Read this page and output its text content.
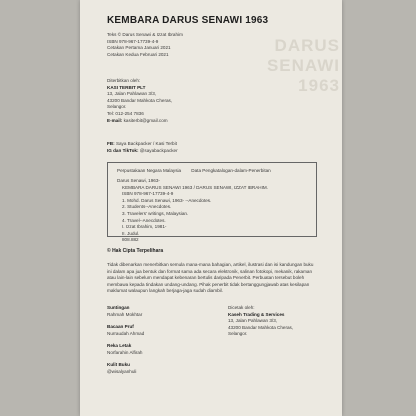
DARUS SENAWI 1963
KEMBARA DARUS SENAWI 1963
Teks © Darus Senawi & Izzat Ibrahim
ISBN 978-967-17739-4-9
Cetakan Pertama Januari 2021
Cetakan Kedua Februari 2021
Diterbitkan oleh:
KASI TERBIT PLT
13, Jalan Pahlawan 3/3,
43200 Bandar Mahkota Cheras,
Selangor.
Tel: 012-254 7836
E-mail: kasiterbit@gmail.com
FB: Saya Backpacker / Kasi Terbit
IG dan TikTok: @sayabackpacker
Perpustakaan Negara Malaysia        Data Pengkatalogan-dalam-Penerbitan
Darus Senawi, 1963-
KEMBARA DARUS SENAWI 1963 / DARUS SENAWI, IZZAT IBRAHIM.
ISBN 978-967-17739-4-9
1. Mohd. Darus Senawi, 1963- --Anecdotes.
2. Students--Anecdotes.
3. Travelers' writings, Malaysian.
4. Travel--Anecdotes.
I. Izzat Ibrahim, 1981-
II. Judul.
808.882
© Hak Cipta Terpelihara
Tidak dibenarkan menerbitkan semula mana-mana bahagian, artikel, ilustrasi dan isi kandungan buku ini dalam apa jua bentuk dan format sama ada secara elektronik, salinan fotokopi, mekanik, rakaman atau lain-lain sebelum mendapat kebenaran bertulis daripada Penerbit. Perbuatan tersebut boleh membawa kepada tindakan undang-undang. Pihak penerbit tidak bertanggungjawab atas kesilapan maklumat walaupun langkah berjaga-jaga sudah diambil.
Suntingan
Rahmah Mokhtar
Bacaan Pruf
Nurraudah Ahmad
Reka Letak
Norfarahin Alfirah
Kulit Buku
@wisalyanhuli
Dicetak oleh:
Kaseh Trading & Services
13, Jalan Pahlawan 3/3,
43200 Bandar Mahkota Cheras,
Selangor.
